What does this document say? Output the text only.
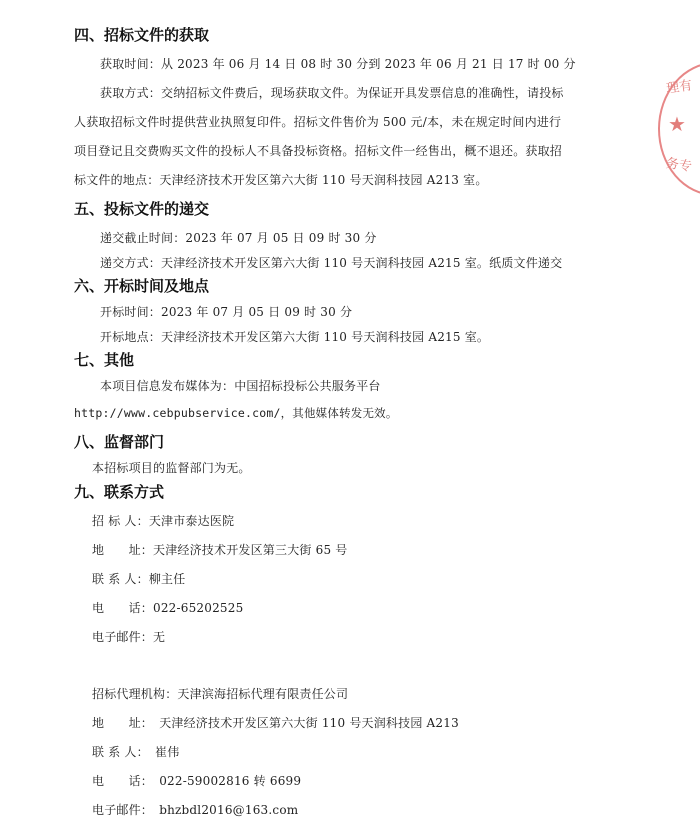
四、招标文件的获取
获取时间：从 2023 年 06 月 14 日 08 时 30 分到 2023 年 06 月 21 日 17 时 00 分
获取方式：交纳招标文件费后，现场获取文件。为保证开具发票信息的准确性，请投标
人获取招标文件时提供营业执照复印件。招标文件售价为 500 元/本，未在规定时间内进行
项目登记且交费购买文件的投标人不具备投标资格。招标文件一经售出，概不退还。获取招
标文件的地点：天津经济技术开发区第六大街 110 号天润科技园 A213 室。
五、投标文件的递交
递交截止时间：2023 年 07 月 05 日 09 时 30 分
递交方式：天津经济技术开发区第六大街 110 号天润科技园 A215 室。纸质文件递交
六、开标时间及地点
开标时间：2023 年 07 月 05 日 09 时 30 分
开标地点：天津经济技术开发区第六大街 110 号天润科技园 A215 室。
七、其他
本项目信息发布媒体为：中国招标投标公共服务平台
http://www.cebpubservice.com/，其他媒体转发无效。
八、监督部门
本招标项目的监督部门为无。
九、联系方式
招 标 人：天津市泰达医院
地　　址：天津经济技术开发区第三大街 65 号
联 系 人：柳主任
电　　话：022-65202525
电子邮件：无
招标代理机构：天津滨海招标代理有限责任公司
地　　址：　天津经济技术开发区第六大街 110 号天润科技园 A213
联 系 人：　崔伟
电　　话：　022-59002816 转 6699
电子邮件：　bhzbdl2016@163.com
理有
★
务专
